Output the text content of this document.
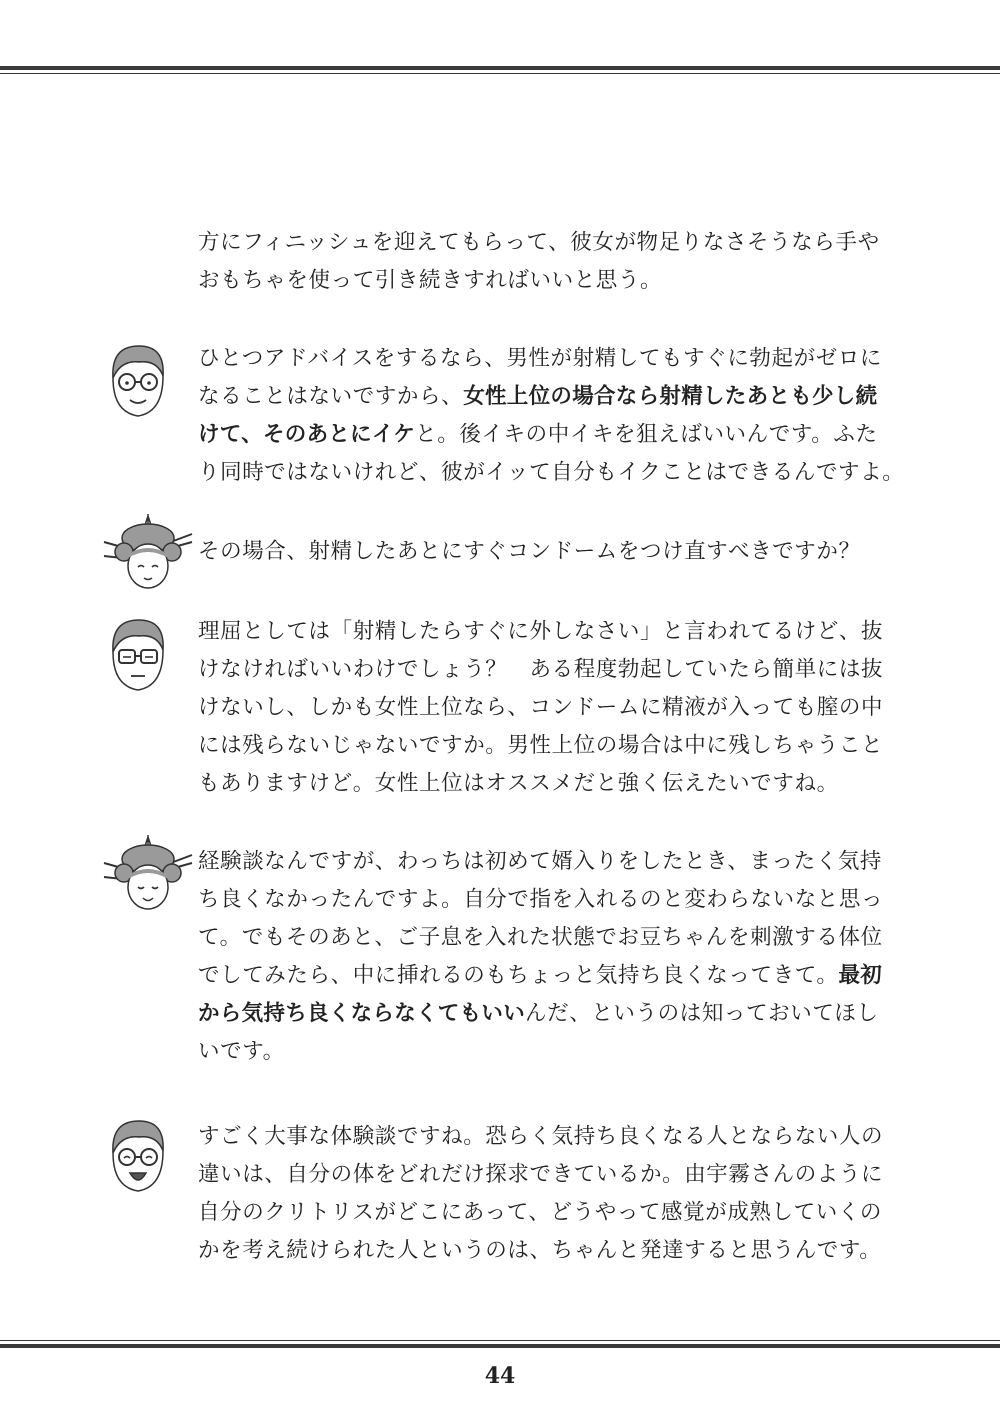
方にフィニッシュを迎えてもらって、彼女が物足りなさそうなら手や
おもちゃを使って引き続きすればいいと思う。
ひとつアドバイスをするなら、男性が射精してもすぐに勃起がゼロに
なることはないですから、女性上位の場合なら射精したあとも少し続
けて、そのあとにイケと。後イキの中イキを狙えばいいんです。ふた
り同時ではないけれど、彼がイッて自分もイクことはできるんですよ。
その場合、射精したあとにすぐコンドームをつけ直すべきですか？
理屈としては「射精したらすぐに外しなさい」と言われてるけど、抜
けなければいいわけでしょう？　ある程度勃起していたら簡単には抜
けないし、しかも女性上位なら、コンドームに精液が入っても膣の中
には残らないじゃないですか。男性上位の場合は中に残しちゃうこと
もありますけど。女性上位はオススメだと強く伝えたいですね。
経験談なんですが、わっちは初めて婿入りをしたとき、まったく気持
ち良くなかったんですよ。自分で指を入れるのと変わらないなと思っ
て。でもそのあと、ご子息を入れた状態でお豆ちゃんを刺激する体位
でしてみたら、中に挿れるのもちょっと気持ち良くなってきて。最初
から気持ち良くならなくてもいいんだ、というのは知っておいてほし
いです。
すごく大事な体験談ですね。恐らく気持ち良くなる人とならない人の
違いは、自分の体をどれだけ探求できているか。由宇霧さんのように
自分のクリトリスがどこにあって、どうやって感覚が成熟していくの
かを考え続けられた人というのは、ちゃんと発達すると思うんです。
44
